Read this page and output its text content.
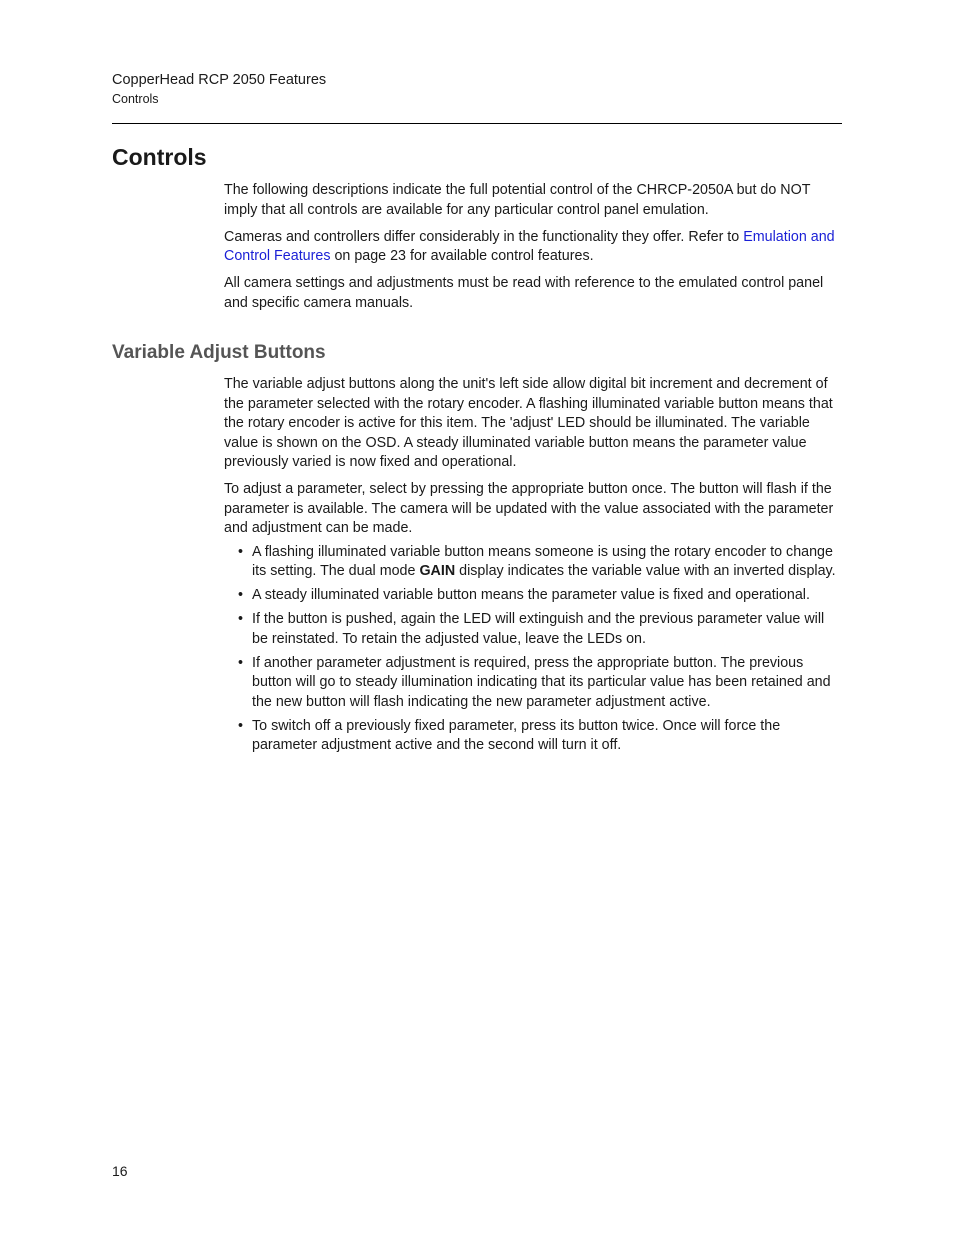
CopperHead RCP 2050 Features
Controls
Controls

The following descriptions indicate the full potential control of the CHRCP-2050A but do NOT imply that all controls are available for any particular control panel emulation.

Cameras and controllers differ considerably in the functionality they offer. Refer to Emulation and Control Features on page 23 for available control features.

All camera settings and adjustments must be read with reference to the emulated control panel and specific camera manuals.

Variable Adjust Buttons

The variable adjust buttons along the unit's left side allow digital bit increment and decrement of the parameter selected with the rotary encoder. A flashing illuminated variable button means that the rotary encoder is active for this item. The 'adjust' LED should be illuminated. The variable value is shown on the OSD. A steady illuminated variable button means the parameter value previously varied is now fixed and operational.

To adjust a parameter, select by pressing the appropriate button once. The button will flash if the parameter is available. The camera will be updated with the value associated with the parameter and adjustment can be made.

• A flashing illuminated variable button means someone is using the rotary encoder to change its setting. The dual mode GAIN display indicates the variable value with an inverted display.
• A steady illuminated variable button means the parameter value is fixed and operational.
• If the button is pushed, again the LED will extinguish and the previous parameter value will be reinstated. To retain the adjusted value, leave the LEDs on.
• If another parameter adjustment is required, press the appropriate button. The previous button will go to steady illumination indicating that its particular value has been retained and the new button will flash indicating the new parameter adjustment active.
• To switch off a previously fixed parameter, press its button twice. Once will force the parameter adjustment active and the second will turn it off.
16
